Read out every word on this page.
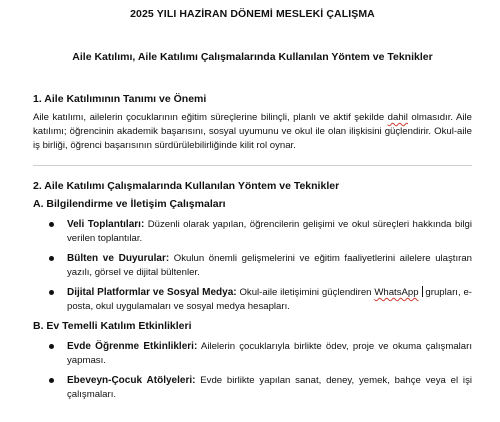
2025 YILI HAZİRAN DÖNEMİ MESLEKİ ÇALIŞMA
Aile Katılımı, Aile Katılımı Çalışmalarında Kullanılan Yöntem ve Teknikler
1. Aile Katılımının Tanımı ve Önemi

Aile katılımı, ailelerin çocuklarının eğitim süreçlerine bilinçli, planlı ve aktif şekilde dahil olmasıdır. Aile katılımı; öğrencinin akademik başarısını, sosyal uyumunu ve okul ile olan ilişkisini güçlendirir. Okul-aile iş birliği, öğrenci başarısının sürdürülebilirliğinde kilit rol oynar.

2. Aile Katılımı Çalışmalarında Kullanılan Yöntem ve Teknikler
A. Bilgilendirme ve İletişim Çalışmaları
Veli Toplantıları: Düzenli olarak yapılan, öğrencilerin gelişimi ve okul süreçleri hakkında bilgi verilen toplantılar.
Bülten ve Duyurular: Okulun önemli gelişmelerini ve eğitim faaliyetlerini ailelere ulaştıran yazılı, görsel ve dijital bültenler.
Dijital Platformlar ve Sosyal Medya: Okul-aile iletişimini güçlendiren WhatsApp grupları, e-posta, okul uygulamaları ve sosyal medya hesapları.
B. Ev Temelli Katılım Etkinlikleri
Evde Öğrenme Etkinlikleri: Ailelerin çocuklarıyla birlikte ödev, proje ve okuma çalışmaları yapması.
Ebeveyn-Çocuk Atölyeleri: Evde birlikte yapılan sanat, deney, yemek, bahçe veya el işi çalışmaları.
